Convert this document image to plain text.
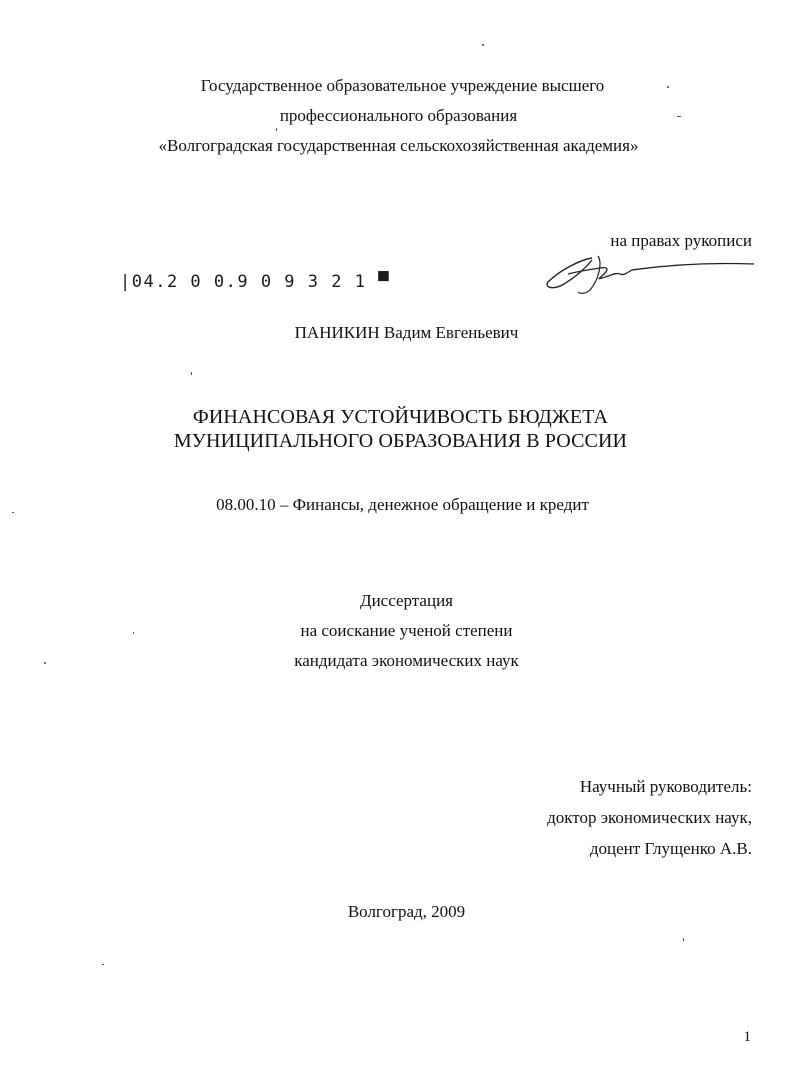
Государственное образовательное учреждение высшего
профессионального образования
«Волгоградская государственная сельскохозяйственная академия»
на правах рукописи
|04.2 0 0.9 0 9 3 2 1 ▀
ПАНИКИН Вадим Евгеньевич
ФИНАНСОВАЯ УСТОЙЧИВОСТЬ БЮДЖЕТА
МУНИЦИПАЛЬНОГО ОБРАЗОВАНИЯ В РОССИИ
08.00.10 – Финансы, денежное обращение и кредит
Диссертация
на соискание ученой степени
кандидата экономических наук
Научный руководитель:
доктор экономических наук,
доцент Глущенко А.В.
Волгоград, 2009
1
